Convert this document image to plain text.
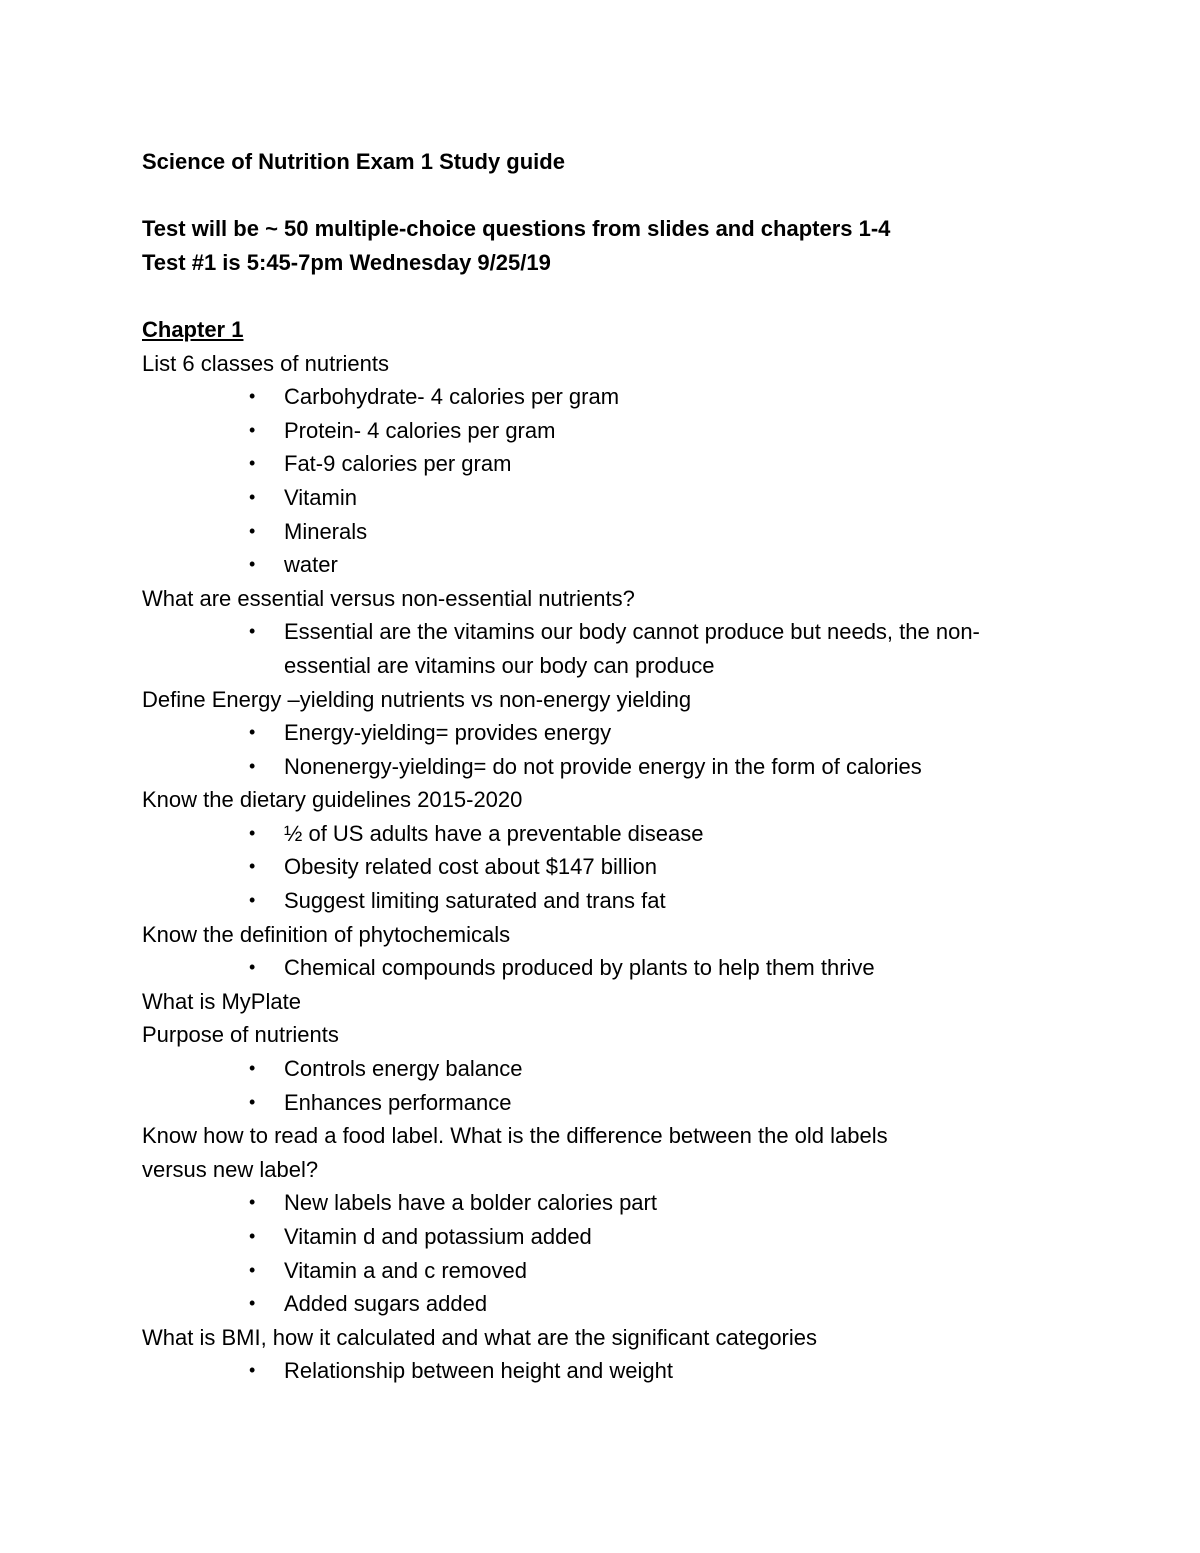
Science of Nutrition Exam 1 Study guide

Test will be ~ 50 multiple-choice questions from slides and chapters 1-4

Test #1 is 5:45-7pm Wednesday 9/25/19

Chapter 1

List 6 classes of nutrients

• Carbohydrate- 4 calories per gram
• Protein- 4 calories per gram
• Fat-9 calories per gram
• Vitamin
• Minerals
• water

What are essential versus non-essential nutrients?

• Essential are the vitamins our body cannot produce but needs, the non-essential are vitamins our body can produce

Define Energy –yielding nutrients vs non-energy yielding

• Energy-yielding= provides energy
• Nonenergy-yielding= do not provide energy in the form of calories

Know the dietary guidelines 2015-2020

• ½ of US adults have a preventable disease
• Obesity related cost about $147 billion
• Suggest limiting saturated and trans fat

Know the definition of phytochemicals

• Chemical compounds produced by plants to help them thrive

What is MyPlate

Purpose of nutrients

• Controls energy balance
• Enhances performance

Know how to read a food label. What is the difference between the old labels

versus new label?

• New labels have a bolder calories part
• Vitamin d and potassium added
• Vitamin a and c removed
• Added sugars added

What is BMI, how it calculated and what are the significant categories

• Relationship between height and weight
